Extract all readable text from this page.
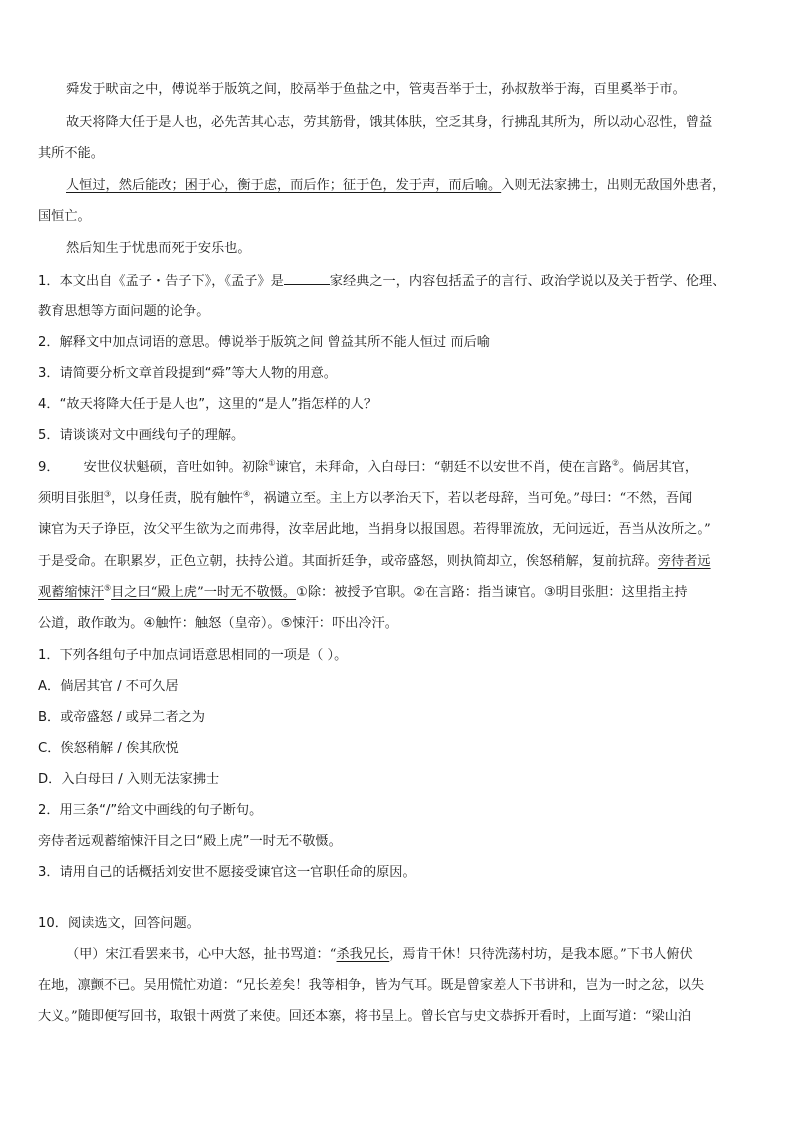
舜发于畎亩之中，傅说举于版筑之间，胶鬲举于鱼盐之中，管夷吾举于士，孙叔敖举于海，百里奚举于市。
故天将降大任于是人也，必先苦其心志，劳其筋骨，饿其体肤，空乏其身，行拂乱其所为，所以动心忍性，曾益
其所不能。
人恒过，然后能改；困于心，衡于虑，而后作；征于色，发于声，而后喻。入则无法家拂士，出则无敌国外患者，
国恒亡。
然后知生于忧患而死于安乐也。
1．本文出自《孟子・告子下》，《孟子》是	家经典之一，内容包括孟子的言行、政治学说以及关于哲学、伦理、
教育思想等方面问题的论争。
2．解释文中加点词语的意思。傅说举于版筑之间 曾益其所不能人恒过 而后喻
3．请简要分析文章首段提到“舜”等大人物的用意。
4．“故天将降大任于是人也”，这里的“是人”指怎样的人？
5．请谈谈对文中画线句子的理解。
9． 安世仪状魁硕，音吐如钟。初除①谏官，未拜命，入白母曰：“朝廷不以安世不肖，使在言路②。倘居其官，
须明目张胆③，以身任责，脱有触忤④，祸谴立至。主上方以孝治天下，若以老母辞，当可免。”母曰：“不然，吾闻
谏官为天子诤臣，汝父平生欲为之而弗得，汝幸居此地，当捐身以报国恩。若得罪流放，无问远近，吾当从汝所之。”
于是受命。在职累岁，正色立朝，扶持公道。其面折廷争，或帝盛怒，则执简却立，俟怒稍解，复前抗辞。旁待者远
观蓄缩悚汗⑤目之曰“殿上虎”一时无不敬慑。①除：被授予官职。②在言路：指当谏官。③明目张胆：这里指主持
公道，敢作敢为。④触忤：触怒（皇帝）。⑤悚汗：吓出冷汗。
1．下列各组句子中加点词语意思相同的一项是（ ）。
A．倘居其官 / 不可久居
B．或帝盛怒 / 或异二者之为
C．俟怒稍解 / 俟其欣悦
D．入白母曰 / 入则无法家拂士
2．用三条“/”给文中画线的句子断句。
旁侍者远观蓄缩悚汗目之曰“殿上虎”一时无不敬慑。
3．请用自己的话概括刘安世不愿接受谏官这一官职任命的原因。
10．阅读选文，回答问题。
（甲）宋江看罢来书，心中大怒，扯书骂道：“杀我兄长，焉肯干休！只待洗荡村坊，是我本愿。”下书人俯伏
在地，凛颤不已。吴用慌忙劝道：“兄长差矣！我等相争，皆为气耳。既是曾家差人下书讲和，岂为一时之忿，以失
大义。”随即便写回书，取银十两赏了来使。回还本寨，将书呈上。曾长官与史文恭拆开看时，上面写道：“梁山泊
